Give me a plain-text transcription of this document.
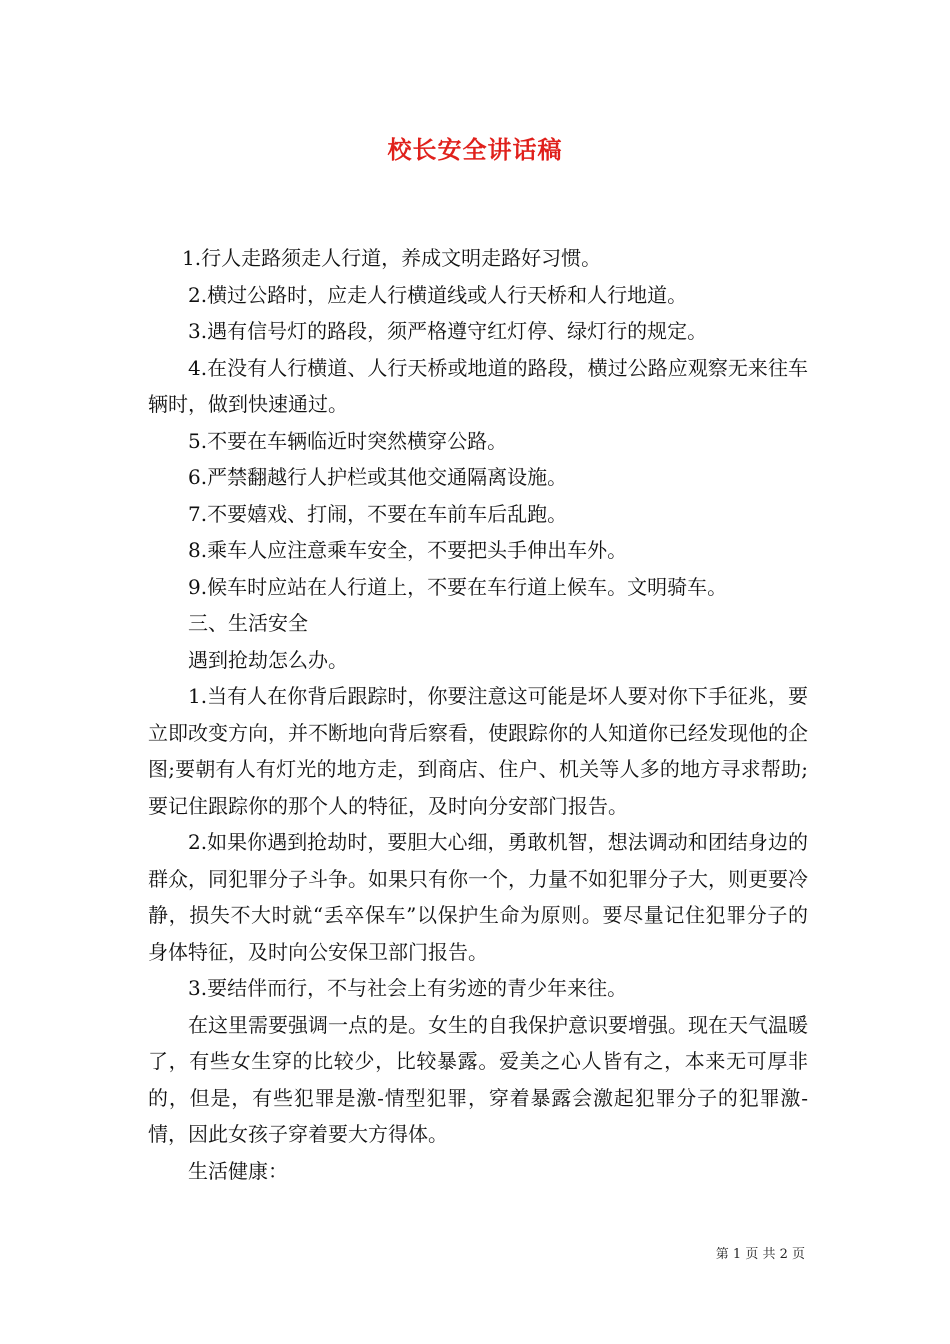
校长安全讲话稿

1.行人走路须走人行道，养成文明走路好习惯。

2.横过公路时，应走人行横道线或人行天桥和人行地道。

3.遇有信号灯的路段，须严格遵守红灯停、绿灯行的规定。

4.在没有人行横道、人行天桥或地道的路段，横过公路应观察无来往车辆时，做到快速通过。

5.不要在车辆临近时突然横穿公路。

6.严禁翻越行人护栏或其他交通隔离设施。

7.不要嬉戏、打闹，不要在车前车后乱跑。

8.乘车人应注意乘车安全，不要把头手伸出车外。

9.候车时应站在人行道上，不要在车行道上候车。文明骑车。

三、生活安全

遇到抢劫怎么办。

1.当有人在你背后跟踪时，你要注意这可能是坏人要对你下手征兆，要立即改变方向，并不断地向背后察看，使跟踪你的人知道你已经发现他的企图;要朝有人有灯光的地方走，到商店、住户、机关等人多的地方寻求帮助;要记住跟踪你的那个人的特征，及时向分安部门报告。

2.如果你遇到抢劫时，要胆大心细，勇敢机智，想法调动和团结身边的群众，同犯罪分子斗争。如果只有你一个，力量不如犯罪分子大，则更要冷静，损失不大时就“丢卒保车”以保护生命为原则。要尽量记住犯罪分子的身体特征，及时向公安保卫部门报告。

3.要结伴而行，不与社会上有劣迹的青少年来往。

在这里需要强调一点的是。女生的自我保护意识要增强。现在天气温暖了，有些女生穿的比较少，比较暴露。爱美之心人皆有之，本来无可厚非的，但是，有些犯罪是激-情型犯罪，穿着暴露会激起犯罪分子的犯罪激-情，因此女孩子穿着要大方得体。

生活健康：

第 1 页 共 2 页
